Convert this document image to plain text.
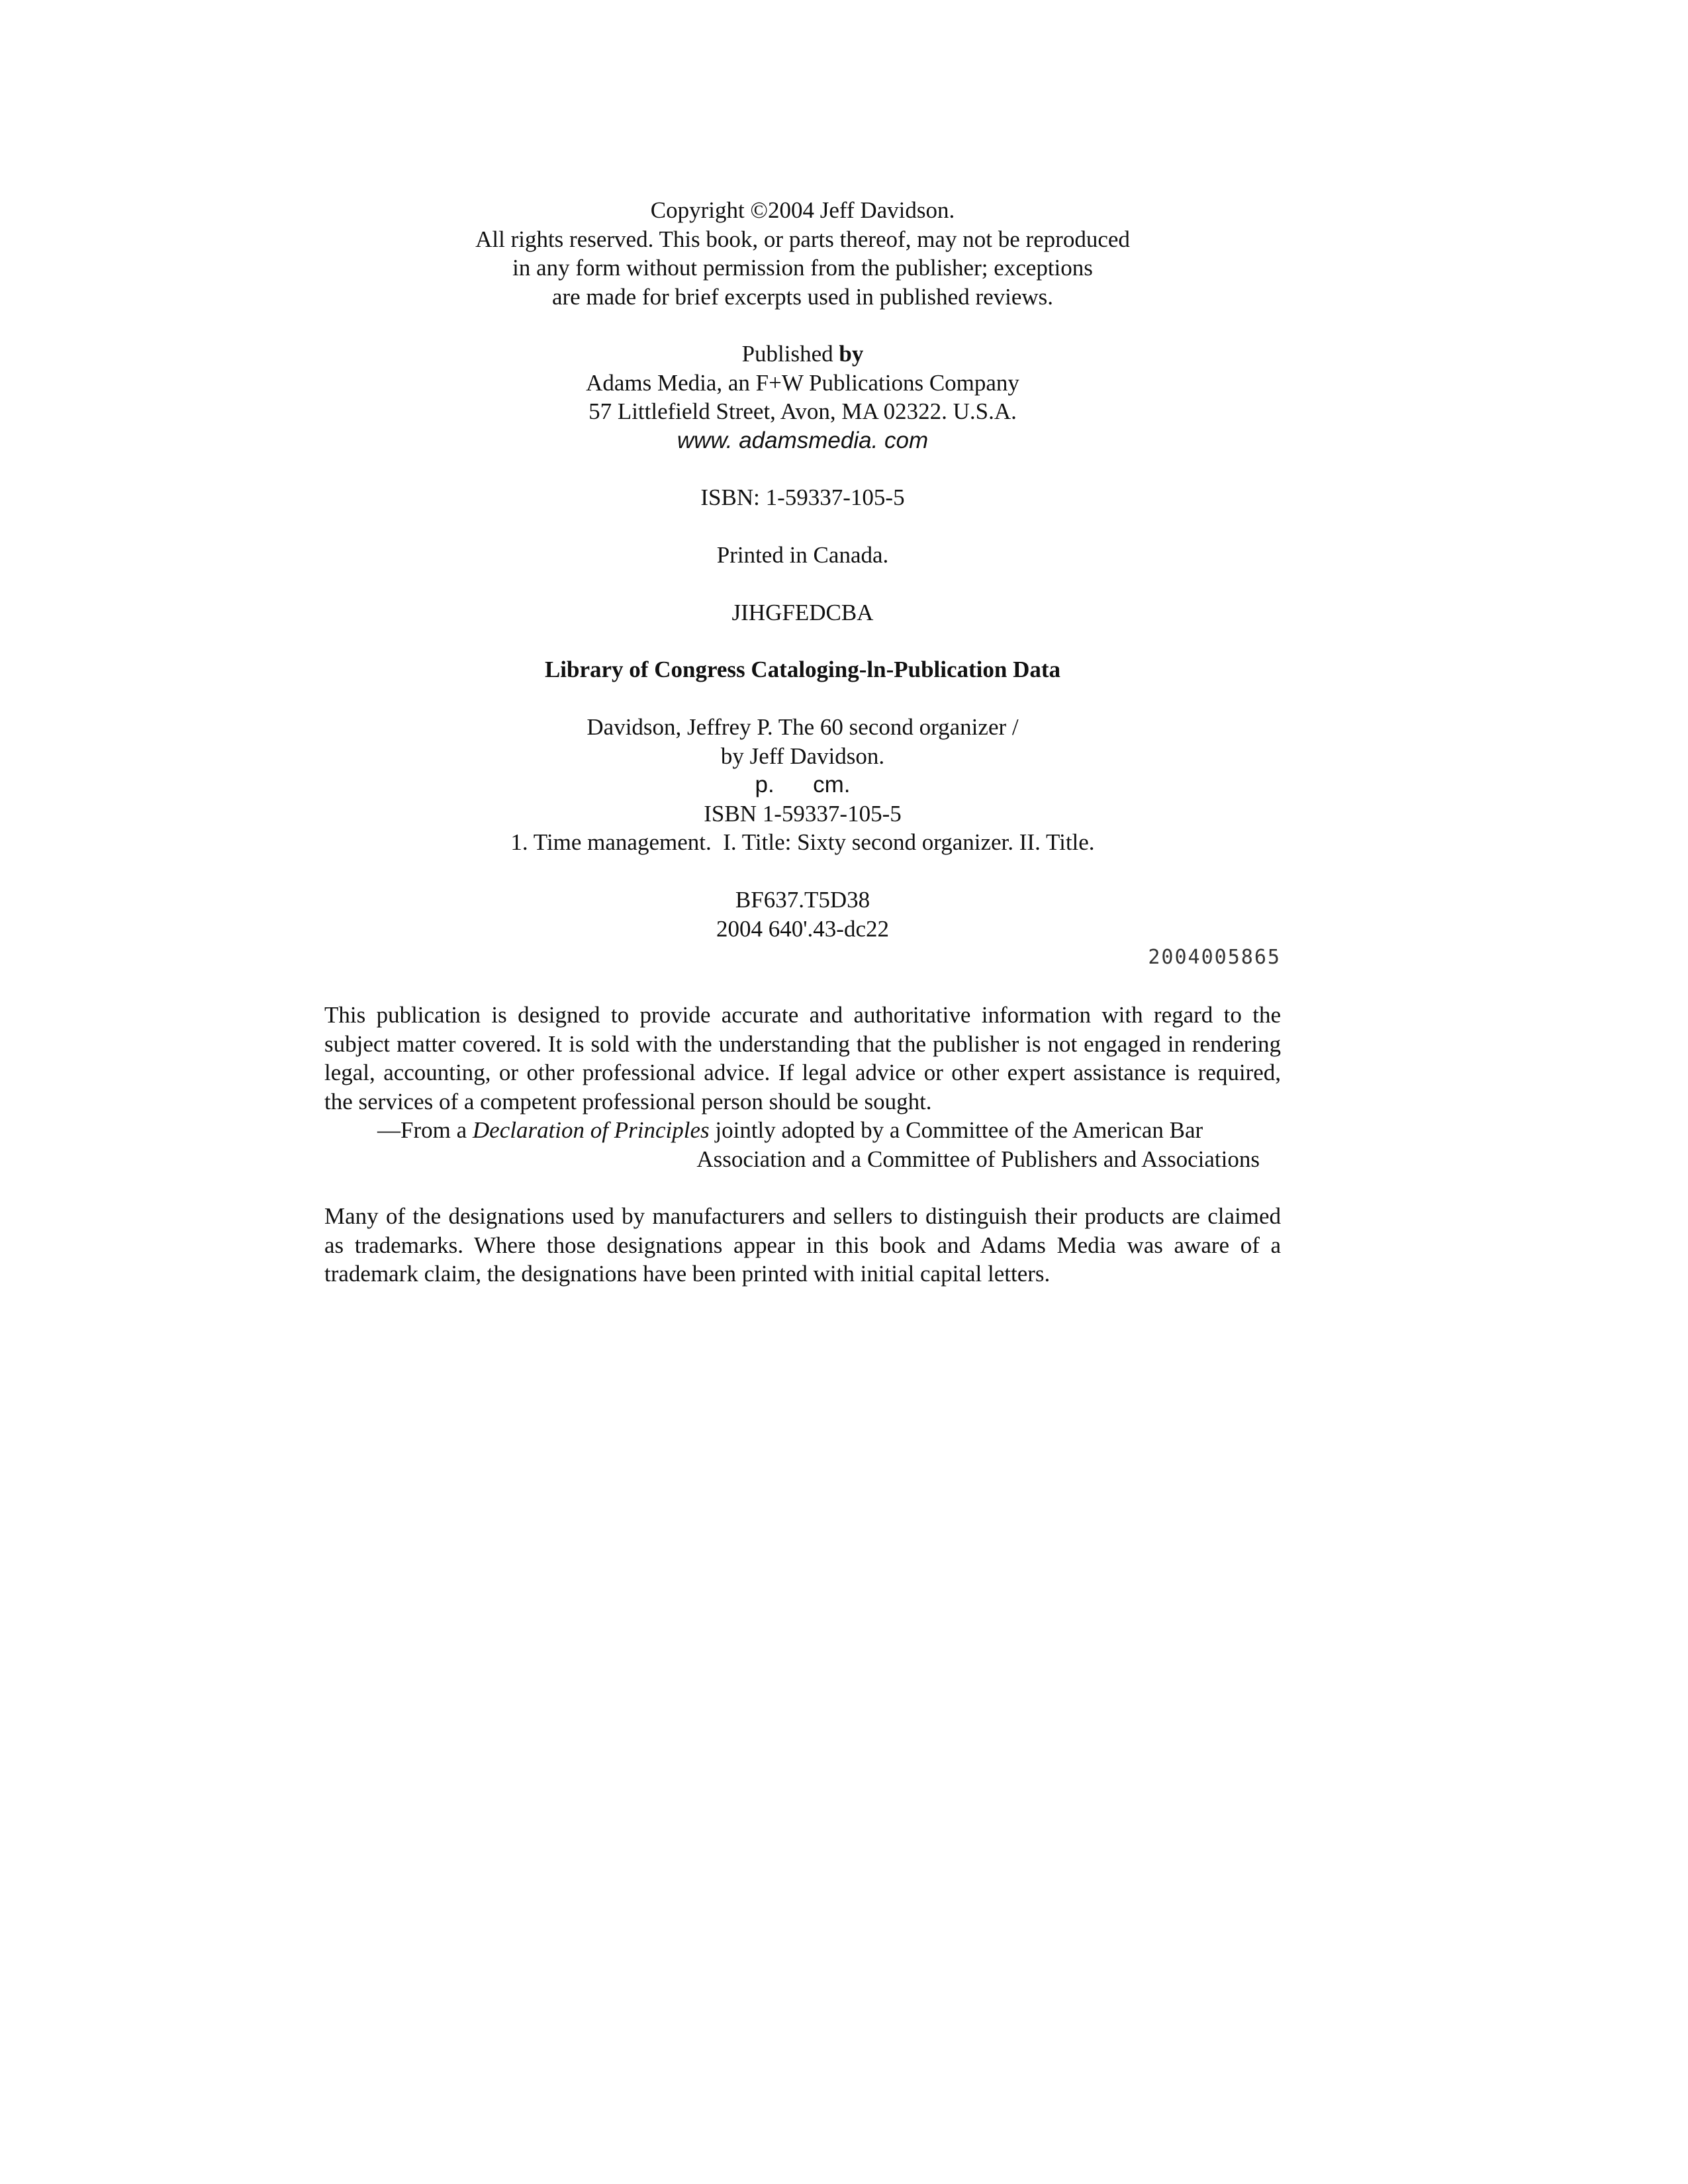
Copyright ©2004 Jeff Davidson.
All rights reserved. This book, or parts thereof, may not be reproduced
in any form without permission from the publisher; exceptions
are made for brief excerpts used in published reviews.
Published by
Adams Media, an F+W Publications Company
57 Littlefield Street, Avon, MA 02322. U.S.A.
www. adamsmedia. com
ISBN: 1-59337-105-5
Printed in Canada.
JIHGFEDCBA
Library of Congress Cataloging-ln-Publication Data
Davidson, Jeffrey P. The 60 second organizer /
by Jeff Davidson.
p. cm.
ISBN 1-59337-105-5
1. Time management.  I. Title: Sixty second organizer. II. Title.
BF637.T5D38
2004 640'.43-dc22
2004005865

This publication is designed to provide accurate and authoritative information with regard to the subject matter covered. It is sold with the understanding that the publisher is not engaged in rendering legal, accounting, or other professional advice. If legal advice or other expert assistance is required, the services of a competent professional person should be sought.

—From a Declaration of Principles jointly adopted by a Committee of the American Bar
Association and a Committee of Publishers and Associations

Many of the designations used by manufacturers and sellers to distinguish their products are claimed as trademarks. Where those designations appear in this book and Adams Media was aware of a trademark claim, the designations have been printed with initial capital letters.
